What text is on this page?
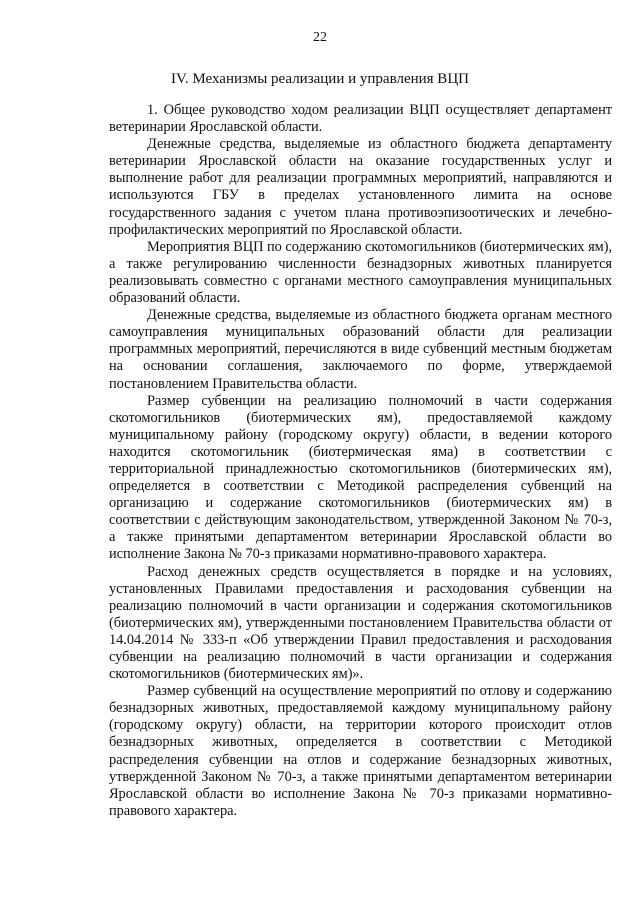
22
IV. Механизмы реализации и управления ВЦП

1. Общее руководство ходом реализации ВЦП осуществляет департамент ветеринарии Ярославской области.

Денежные средства, выделяемые из областного бюджета департаменту ветеринарии Ярославской области на оказание государственных услуг и выполнение работ для реализации программных мероприятий, направляются и используются ГБУ в пределах установленного лимита на основе государственного задания с учетом плана противоэпизоотических и лечебно-профилактических мероприятий по Ярославской области.

Мероприятия ВЦП по содержанию скотомогильников (биотермических ям), а также регулированию численности безнадзорных животных планируется реализовывать совместно с органами местного самоуправления муниципальных образований области.

Денежные средства, выделяемые из областного бюджета органам местного самоуправления муниципальных образований области для реализации программных мероприятий, перечисляются в виде субвенций местным бюджетам на основании соглашения, заключаемого по форме, утверждаемой постановлением Правительства области.

Размер субвенции на реализацию полномочий в части содержания скотомогильников (биотермических ям), предоставляемой каждому муниципальному району (городскому округу) области, в ведении которого находится скотомогильник (биотермическая яма) в соответствии с территориальной принадлежностью скотомогильников (биотермических ям), определяется в соответствии с Методикой распределения субвенций на организацию и содержание скотомогильников (биотермических ям) в соответствии с действующим законодательством, утвержденной Законом № 70-з, а также принятыми департаментом ветеринарии Ярославской области во исполнение Закона № 70-з приказами нормативно-правового характера.

Расход денежных средств осуществляется в порядке и на условиях, установленных Правилами предоставления и расходования субвенции на реализацию полномочий в части организации и содержания скотомогильников (биотермических ям), утвержденными постановлением Правительства области от 14.04.2014 № 333-п «Об утверждении Правил предоставления и расходования субвенции на реализацию полномочий в части организации и содержания скотомогильников (биотермических ям)».

Размер субвенций на осуществление мероприятий по отлову и содержанию безнадзорных животных, предоставляемой каждому муниципальному району (городскому округу) области, на территории которого происходит отлов безнадзорных животных, определяется в соответствии с Методикой распределения субвенции на отлов и содержание безнадзорных животных, утвержденной Законом № 70-з, а также принятыми департаментом ветеринарии Ярославской области во исполнение Закона № 70-з приказами нормативно-правового характера.
